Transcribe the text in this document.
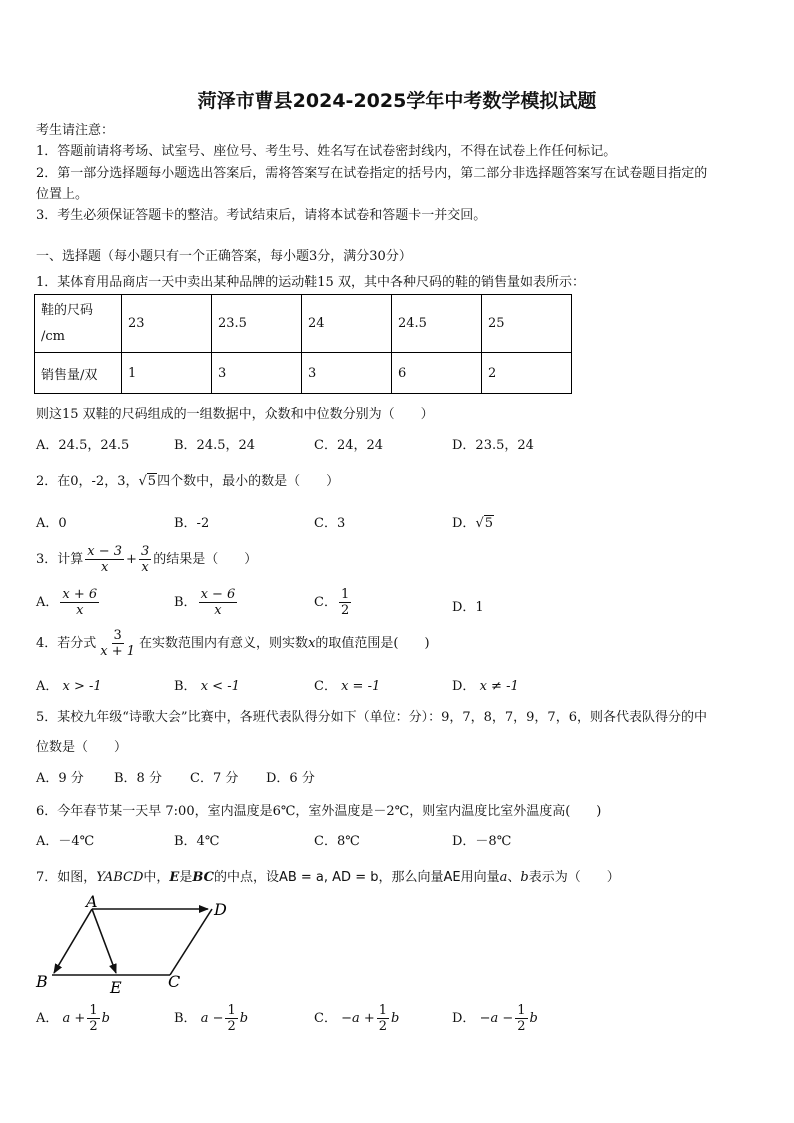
菏泽市曹县2024-2025学年中考数学模拟试题
考生请注意：
1．答题前请将考场、试室号、座位号、考生号、姓名写在试卷密封线内，不得在试卷上作任何标记。
2．第一部分选择题每小题选出答案后，需将答案写在试卷指定的括号内，第二部分非选择题答案写在试卷题目指定的
位置上。
3．考生必须保证答题卡的整洁。考试结束后，请将本试卷和答题卡一并交回。
一、选择题（每小题只有一个正确答案，每小题3分，满分30分）
1．某体育用品商店一天中卖出某种品牌的运动鞋15 双，其中各种尺码的鞋的销售量如表所示：
鞋的尺码
/cm	23	23.5	24	24.5	25
销售量/双	1	3	3	6	2
则这15 双鞋的尺码组成的一组数据中，众数和中位数分别为（　　）
A．24.5，24.5	B．24.5，24	C．24，24	D．23.5，24
2．在0，-2，3，√5四个数中，最小的数是（　　）
A．0	B．-2	C．3	D．√5
3．计算 $\frac{x - 3}{x} + \frac{3}{x}$ 的结果是（　　）
A． $\frac{x + 6}{x}$	B． $\frac{x - 6}{x}$	C． $\frac{1}{2}$	D．1
4．若分式 $\frac{3}{x + 1}$ 在实数范围内有意义，则实数x的取值范围是(　　)
A． x > -1	B． x < -1	C． x = -1	D． x ≠ -1
5．某校九年级“诗歌大会”比赛中，各班代表队得分如下（单位：分）：9，7，8，7，9，7，6，则各代表队得分的中
位数是（　　）
A．9 分 B．8 分 C．7 分 D．6 分
6．今年春节某一天早 7:00，室内温度是6℃，室外温度是－2℃，则室内温度比室外温度高(　　)
A．－4℃	B．4℃	C．8℃	D．－8℃
7．如图，YABCD中，E是BC的中点，设AB = a, AD = b，那么向量AE用向量a、b表示为（　　）
A	D
B	E	C
A． $a + \frac{1}{2}$ b	B． $a - \frac{1}{2}$ b	C． $-a + \frac{1}{2}$ b	D． $-a - \frac{1}{2}$ b
